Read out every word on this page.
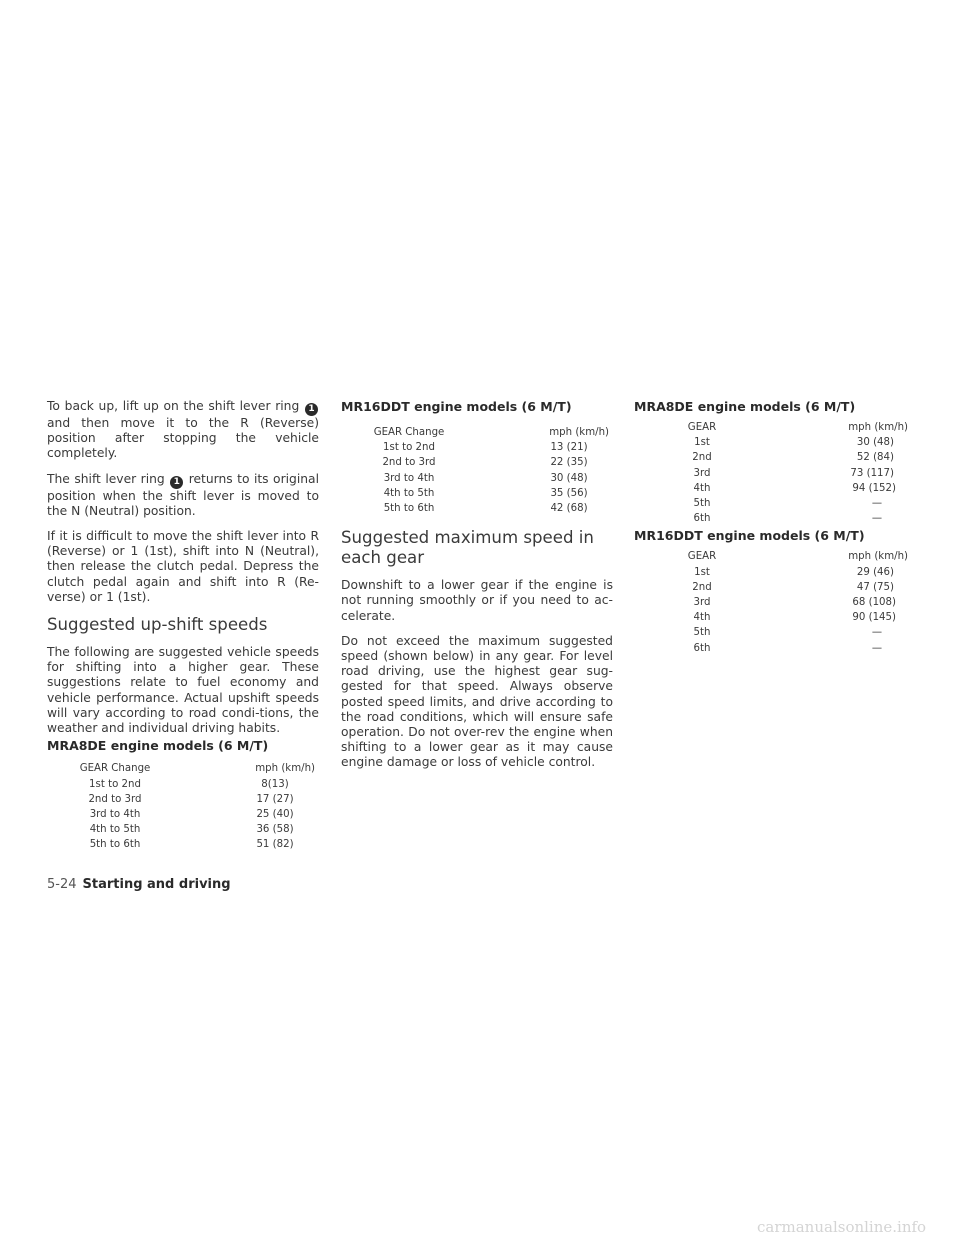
To back up, lift up on the shift lever ring 1 and then move it to the R (Reverse) position after stopping the vehicle completely.

The shift lever ring 1 returns to its original position when the shift lever is moved to the N (Neutral) position.

If it is difficult to move the shift lever into R (Reverse) or 1 (1st), shift into N (Neutral), then release the clutch pedal. Depress the clutch pedal again and shift into R (Re-verse) or 1 (1st).

Suggested up-shift speeds

The following are suggested vehicle speeds for shifting into a higher gear. These suggestions relate to fuel economy and vehicle performance. Actual upshift speeds will vary according to road condi-tions, the weather and individual driving habits.

MRA8DE engine models (6 M/T)
GEAR Change	mph (km/h)
1st to 2nd	8(13)
2nd to 3rd	17 (27)
3rd to 4th	25 (40)
4th to 5th	36 (58)
5th to 6th	51 (82)
MR16DDT engine models (6 M/T)
GEAR Change	mph (km/h)
1st to 2nd	13 (21)
2nd to 3rd	22 (35)
3rd to 4th	30 (48)
4th to 5th	35 (56)
5th to 6th	42 (68)
Suggested maximum speed in each gear

Downshift to a lower gear if the engine is not running smoothly or if you need to ac-celerate.

Do not exceed the maximum suggested speed (shown below) in any gear. For level road driving, use the highest gear sug-gested for that speed. Always observe posted speed limits, and drive according to the road conditions, which will ensure safe operation. Do not over-rev the engine when shifting to a lower gear as it may cause engine damage or loss of vehicle control.

MRA8DE engine models (6 M/T)
GEAR	mph (km/h)
1st	30 (48)
2nd	52 (84)
3rd	73 (117)
4th	94 (152)
5th	—
6th	—
MR16DDT engine models (6 M/T)
GEAR	mph (km/h)
1st	29 (46)
2nd	47 (75)
3rd	68 (108)
4th	90 (145)
5th	—
6th	—
5-24 Starting and driving
carmanualsonline.info
